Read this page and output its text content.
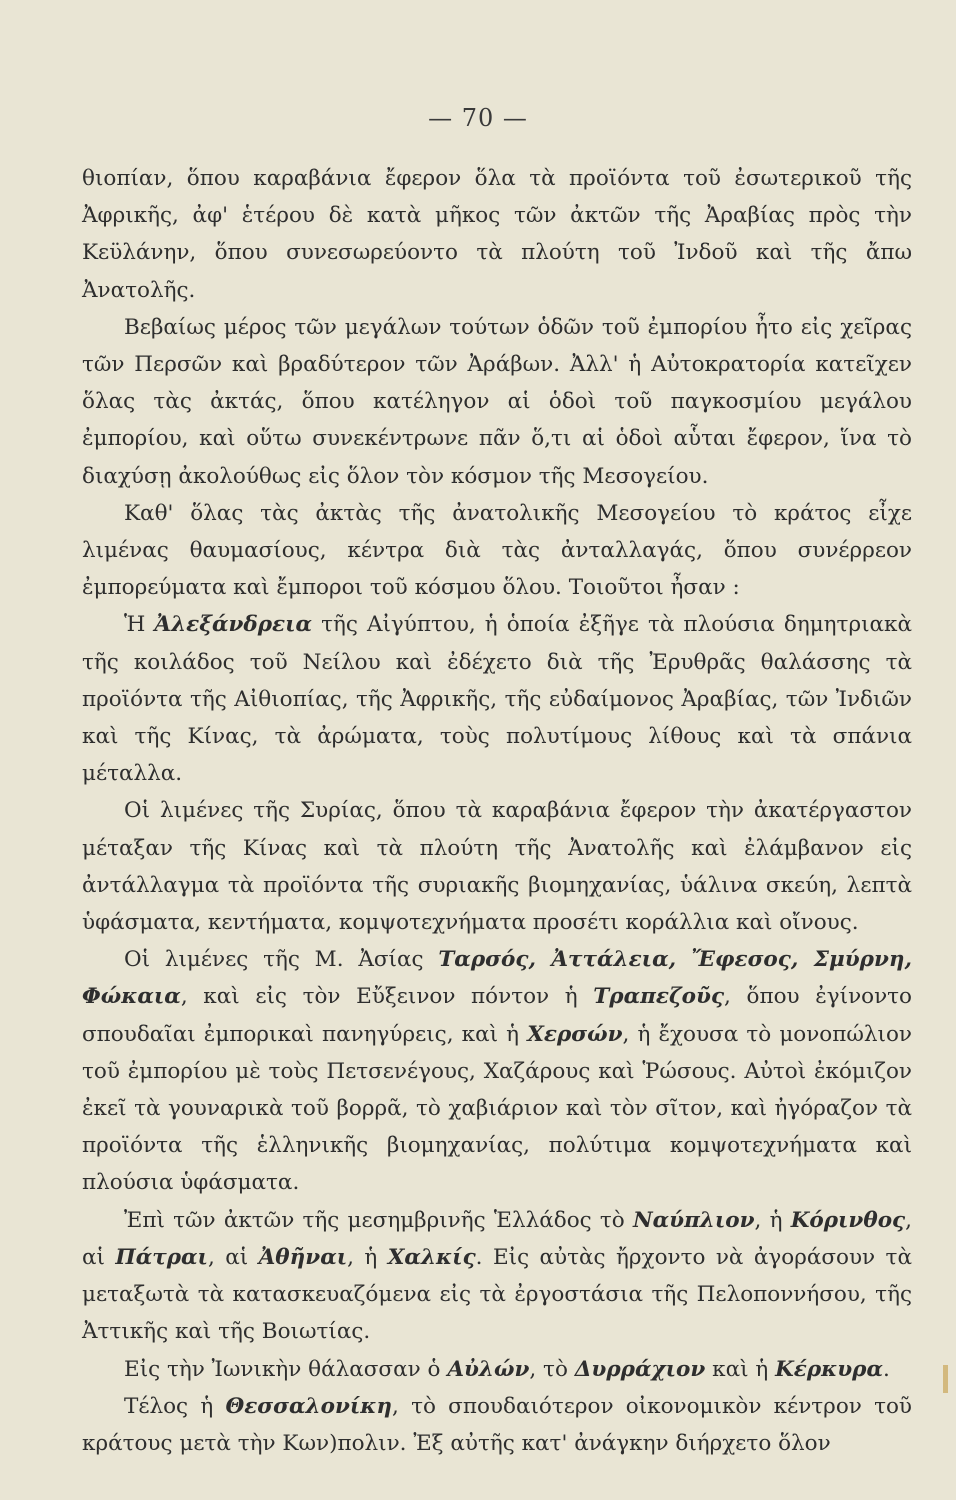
— 70 —

θιοπίαν, ὅπου καραβάνια ἔφερον ὅλα τὰ προϊόντα τοῦ ἐσωτερικοῦ τῆς Ἀφρικῆς, ἀφ' ἑτέρου δὲ κατὰ μῆκος τῶν ἀκτῶν τῆς Ἀραβίας πρὸς τὴν Κεϋλάνην, ὅπου συνεσωρεύοντο τὰ πλούτη τοῦ Ἰνδοῦ καὶ τῆς ἄπω Ἀνατολῆς.

Βεβαίως μέρος τῶν μεγάλων τούτων ὁδῶν τοῦ ἐμπορίου ἦτο εἰς χεῖρας τῶν Περσῶν καὶ βραδύτερον τῶν Ἀράβων. Ἀλλ' ἡ Αὐτοκρατορία κατεῖχεν ὅλας τὰς ἀκτάς, ὅπου κατέληγον αἱ ὁδοὶ τοῦ παγκοσμίου μεγάλου ἐμπορίου, καὶ οὕτω συνεκέντρωνε πᾶν ὅ,τι αἱ ὁδοὶ αὗται ἔφερον, ἵνα τὸ διαχύσῃ ἀκολούθως εἰς ὅλον τὸν κόσμον τῆς Μεσογείου.

Καθ' ὅλας τὰς ἀκτὰς τῆς ἀνατολικῆς Μεσογείου τὸ κράτος εἶχε λιμένας θαυμασίους, κέντρα διὰ τὰς ἀνταλλαγάς, ὅπου συνέρρεον ἐμπορεύματα καὶ ἔμποροι τοῦ κόσμου ὅλου. Τοιοῦτοι ἦσαν :

Ἡ Ἀλεξάνδρεια τῆς Αἰγύπτου, ἡ ὁποία ἐξῆγε τὰ πλούσια δημητριακὰ τῆς κοιλάδος τοῦ Νείλου καὶ ἐδέχετο διὰ τῆς Ἐρυθρᾶς θαλάσσης τὰ προϊόντα τῆς Αἰθιοπίας, τῆς Ἀφρικῆς, τῆς εὐδαίμονος Ἀραβίας, τῶν Ἰνδιῶν καὶ τῆς Κίνας, τὰ ἀρώματα, τοὺς πολυτίμους λίθους καὶ τὰ σπάνια μέταλλα.

Οἱ λιμένες τῆς Συρίας, ὅπου τὰ καραβάνια ἔφερον τὴν ἀκατέργαστον μέταξαν τῆς Κίνας καὶ τὰ πλούτη τῆς Ἀνατολῆς καὶ ἐλάμβανον εἰς ἀντάλλαγμα τὰ προϊόντα τῆς συριακῆς βιομηχανίας, ὑάλινα σκεύη, λεπτὰ ὑφάσματα, κεντήματα, κομψοτεχνήματα προσέτι κοράλλια καὶ οἴνους.

Οἱ λιμένες τῆς Μ. Ἀσίας Ταρσός, Ἀττάλεια, Ἔφεσος, Σμύρνη, Φώκαια, καὶ εἰς τὸν Εὔξεινον πόντον ἡ Τραπεζοῦς, ὅπου ἐγίνοντο σπουδαῖαι ἐμπορικαὶ πανηγύρεις, καὶ ἡ Χερσών, ἡ ἔχουσα τὸ μονοπώλιον τοῦ ἐμπορίου μὲ τοὺς Πετσενέγους, Χαζάρους καὶ Ῥώσους. Αὐτοὶ ἐκόμιζον ἐκεῖ τὰ γουναρικὰ τοῦ βορρᾶ, τὸ χαβιάριον καὶ τὸν σῖτον, καὶ ἠγόραζον τὰ προϊόντα τῆς ἑλληνικῆς βιομηχανίας, πολύτιμα κομψοτεχνήματα καὶ πλούσια ὑφάσματα.

Ἐπὶ τῶν ἀκτῶν τῆς μεσημβρινῆς Ἑλλάδος τὸ Ναύπλιον, ἡ Κόρινθος, αἱ Πάτραι, αἱ Ἀθῆναι, ἡ Χαλκίς. Εἰς αὐτὰς ἤρχοντο νὰ ἀγοράσουν τὰ μεταξωτὰ τὰ κατασκευαζόμενα εἰς τὰ ἐργοστάσια τῆς Πελοποννήσου, τῆς Ἀττικῆς καὶ τῆς Βοιωτίας.

Εἰς τὴν Ἰωνικὴν θάλασσαν ὁ Αὐλών, τὸ Δυρράχιον καὶ ἡ Κέρκυρα.

Τέλος ἡ Θεσσαλονίκη, τὸ σπουδαιότερον οἰκονομικὸν κέντρον τοῦ κράτους μετὰ τὴν Κων)πολιν. Ἐξ αὐτῆς κατ' ἀνάγκην διήρχετο ὅλον
